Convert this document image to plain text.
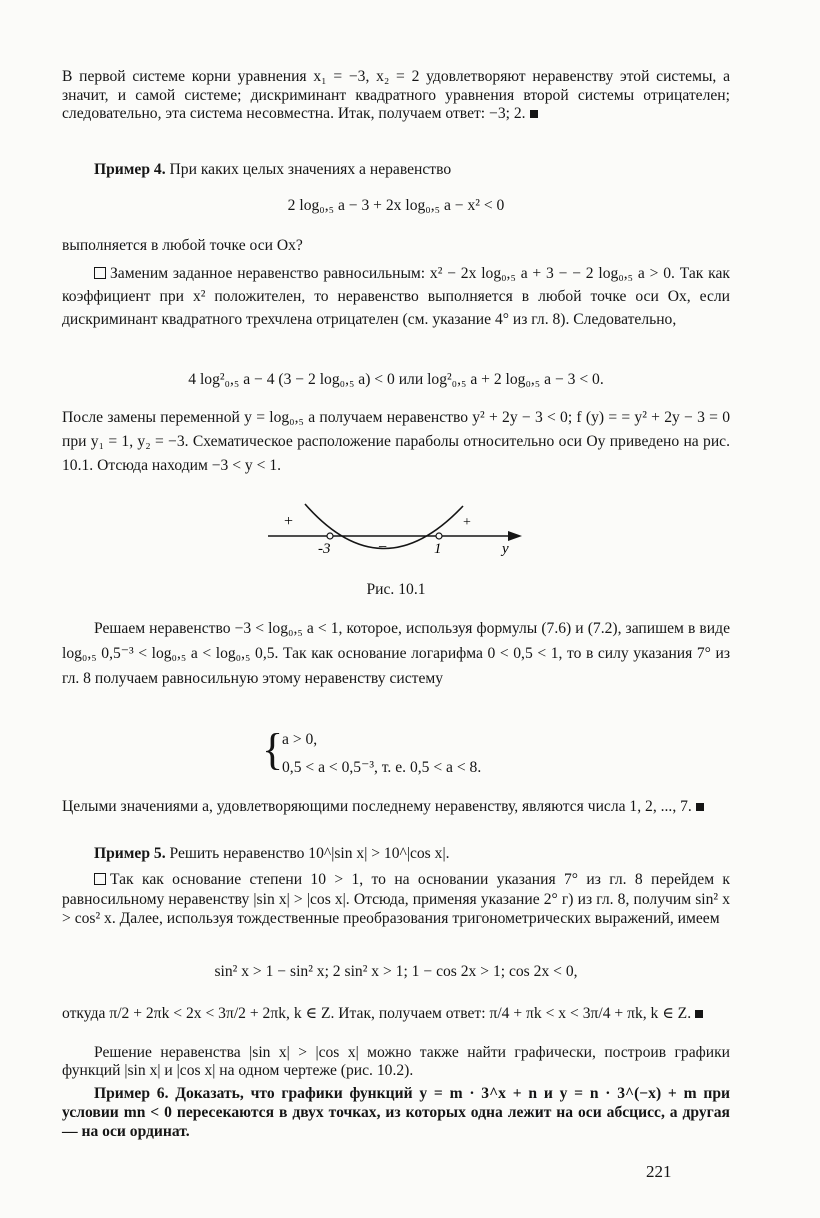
В первой системе корни уравнения x₁ = −3, x₂ = 2 удовлетворяют неравенству этой системы, а значит, и самой системе; дискриминант квадратного уравнения второй системы отрицателен; следовательно, эта система несовместна. Итак, получаем ответ: −3; 2.

Пример 4. При каких целых значениях a неравенство
2 log₀,₅ a − 3 + 2x log₀,₅ a − x² < 0
выполняется в любой точке оси Ox?
Заменим заданное неравенство равносильным: x² − 2x log₀,₅ a + 3 − − 2 log₀,₅ a > 0. Так как коэффициент при x² положителен, то неравенство выполняется в любой точке оси Ox, если дискриминант квадратного трехчлена отрицателен (см. указание 4° из гл. 8). Следовательно,
4 log²₀,₅ a − 4 (3 − 2 log₀,₅ a) < 0 или log²₀,₅ a + 2 log₀,₅ a − 3 < 0.
После замены переменной y = log₀,₅ a получаем неравенство y² + 2y − 3 < 0; f (y) = = y² + 2y − 3 = 0 при y₁ = 1, y₂ = −3. Схематическое расположение параболы относительно оси Oy приведено на рис. 10.1. Отсюда находим −3 < y < 1.
+
−
+
-3	1	y
Рис. 10.1
Решаем неравенство −3 < log₀,₅ a < 1, которое, используя формулы (7.6) и (7.2), запишем в виде log₀,₅ 0,5⁻³ < log₀,₅ a < log₀,₅ 0,5. Так как основание логарифма 0 < 0,5 < 1, то в силу указания 7° из гл. 8 получаем равносильную этому неравенству систему
{
a > 0,
0,5 < a < 0,5⁻³, т. е. 0,5 < a < 8.
Целыми значениями a, удовлетворяющими последнему неравенству, являются числа 1, 2, ..., 7.
Пример 5. Решить неравенство 10^|sin x| > 10^|cos x|.
Так как основание степени 10 > 1, то на основании указания 7° из гл. 8 перейдем к равносильному неравенству |sin x| > |cos x|. Отсюда, применяя указание 2° г) из гл. 8, получим sin² x > cos² x. Далее, используя тождественные преобразования тригонометрических выражений, имеем
sin² x > 1 − sin² x; 2 sin² x > 1; 1 − cos 2x > 1; cos 2x < 0,
откуда π/2 + 2πk < 2x < 3π/2 + 2πk, k ∈ Z. Итак, получаем ответ: π/4 + πk < x < 3π/4 + πk, k ∈ Z.
Решение неравенства |sin x| > |cos x| можно также найти графически, построив графики функций |sin x| и |cos x| на одном чертеже (рис. 10.2).
Пример 6. Доказать, что графики функций y = m · 3^x + n и y = n · 3^(−x) + m при условии mn < 0 пересекаются в двух точках, из которых одна лежит на оси абсцисс, а другая — на оси ординат.
221
